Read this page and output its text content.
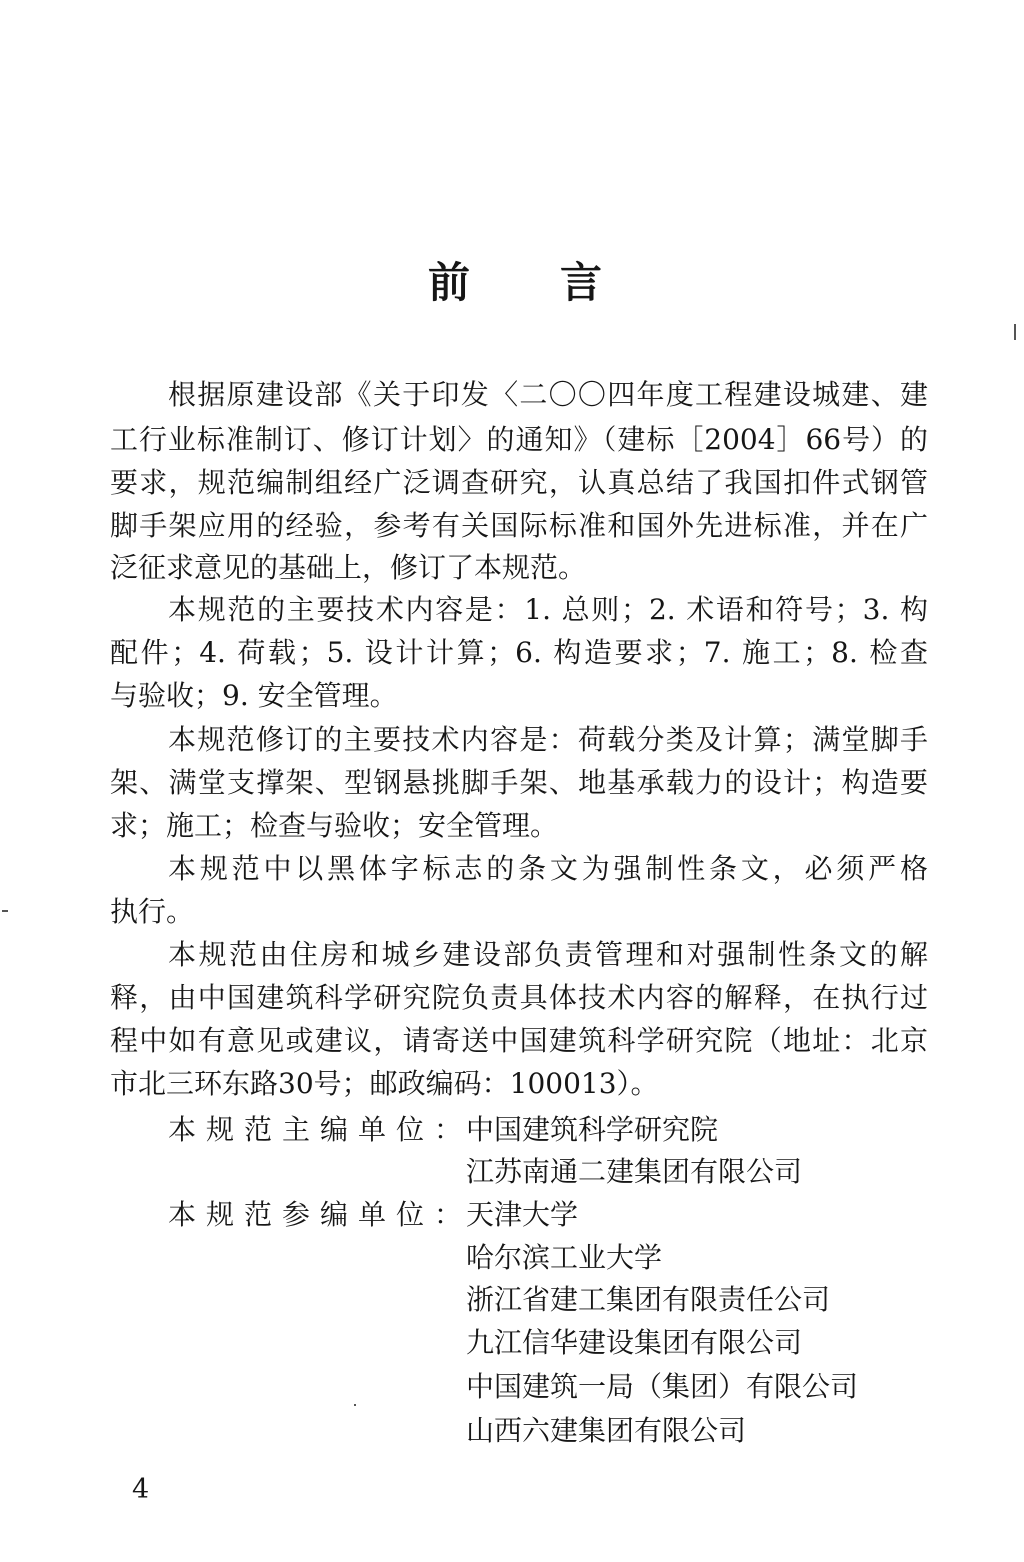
前　言
根据原建设部《关于印发〈二〇〇四年度工程建设城建、建
工行业标准制订、修订计划〉的通知》（建标［2004］66号）的
要求，规范编制组经广泛调查研究，认真总结了我国扣件式钢管
脚手架应用的经验，参考有关国际标准和国外先进标准，并在广
泛征求意见的基础上，修订了本规范。
本规范的主要技术内容是：1. 总则；2. 术语和符号；3. 构
配件；4. 荷载；5. 设计计算；6. 构造要求；7. 施工；8. 检查
与验收；9. 安全管理。
本规范修订的主要技术内容是：荷载分类及计算；满堂脚手
架、满堂支撑架、型钢悬挑脚手架、地基承载力的设计；构造要
求；施工；检查与验收；安全管理。
本规范中以黑体字标志的条文为强制性条文，必须严格
执行。
本规范由住房和城乡建设部负责管理和对强制性条文的解
释，由中国建筑科学研究院负责具体技术内容的解释，在执行过
程中如有意见或建议，请寄送中国建筑科学研究院（地址：北京
市北三环东路30号；邮政编码：100013）。
本规范主编单位： 中国建筑科学研究院
江苏南通二建集团有限公司
本规范参编单位： 天津大学
哈尔滨工业大学
浙江省建工集团有限责任公司
九江信华建设集团有限公司
中国建筑一局（集团）有限公司
山西六建集团有限公司
4
